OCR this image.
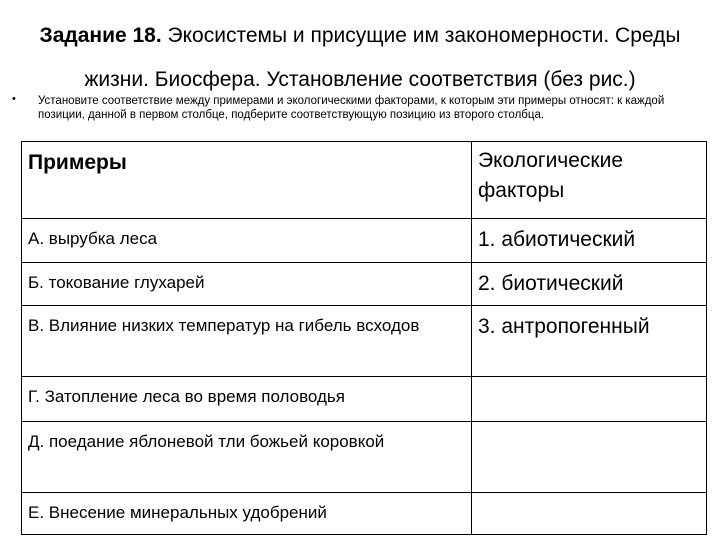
Задание 18. Экосистемы и присущие им закономерности. Среды
жизни. Биосфера. Установление соответствия (без рис.)
• Установите соответствие между примерами и экологическими факторами, к которым эти примеры относят: к каждой позиции, данной в первом столбце, подберите соответствующую позицию из второго столбца.

Примеры	Экологические факторы
А. вырубка леса	1. абиотический
Б. токование глухарей	2. биотический
В. Влияние низких температур на гибель всходов	3. антропогенный
Г. Затопление леса во время половодья	
Д. поедание яблоневой тли божьей коровкой	
Е. Внесение минеральных удобрений	
